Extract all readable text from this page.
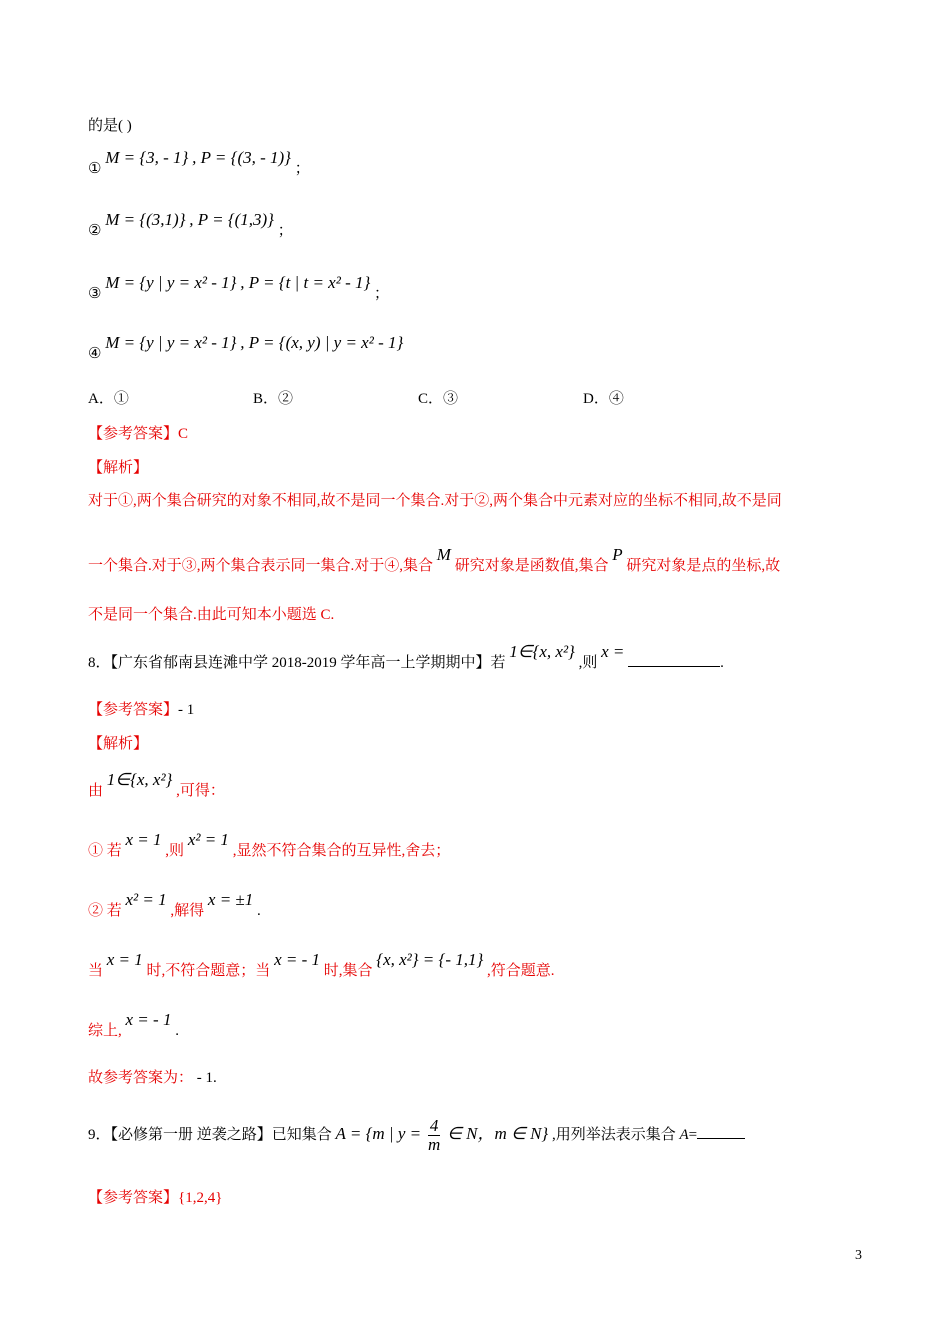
的是( )
① M = {3, - 1} , P = {(3, - 1)} ；
② M = {(3,1)} , P = {(1,3)} ；
③ M = {y | y = x² - 1} , P = {t | t = x² - 1} ；
④ M = {y | y = x² - 1} , P = {(x, y) | y = x² - 1}
A．①	B．②	C．③	D．④
【参考答案】C
【解析】
对于①,两个集合研究的对象不相同,故不是同一个集合.对于②,两个集合中元素对应的坐标不相同,故不是同
一个集合.对于③,两个集合表示同一集合.对于④,集合 M 研究对象是函数值,集合 P 研究对象是点的坐标,故
不是同一个集合.由此可知本小题选 C.
8．【广东省郁南县连滩中学 2018-2019 学年高一上学期期中】若 1∈{x, x²} ,则 x = .
【参考答案】- 1
【解析】
由 1∈{x, x²} ,可得：
① 若 x = 1 ,则 x² = 1 ,显然不符合集合的互异性,舍去；
② 若 x² = 1 ,解得 x = ±1 .
当 x = 1 时,不符合题意；当 x = - 1 时,集合 {x, x²} = {- 1,1} ,符合题意.
综上, x = - 1 .
故参考答案为： - 1.
9．【必修第一册 逆袭之路】已知集合 A = {m | $y = \frac{4}{m}$ ∈ N，m ∈ N} ,用列举法表示集合 A=
【参考答案】{1,2,4}
3
